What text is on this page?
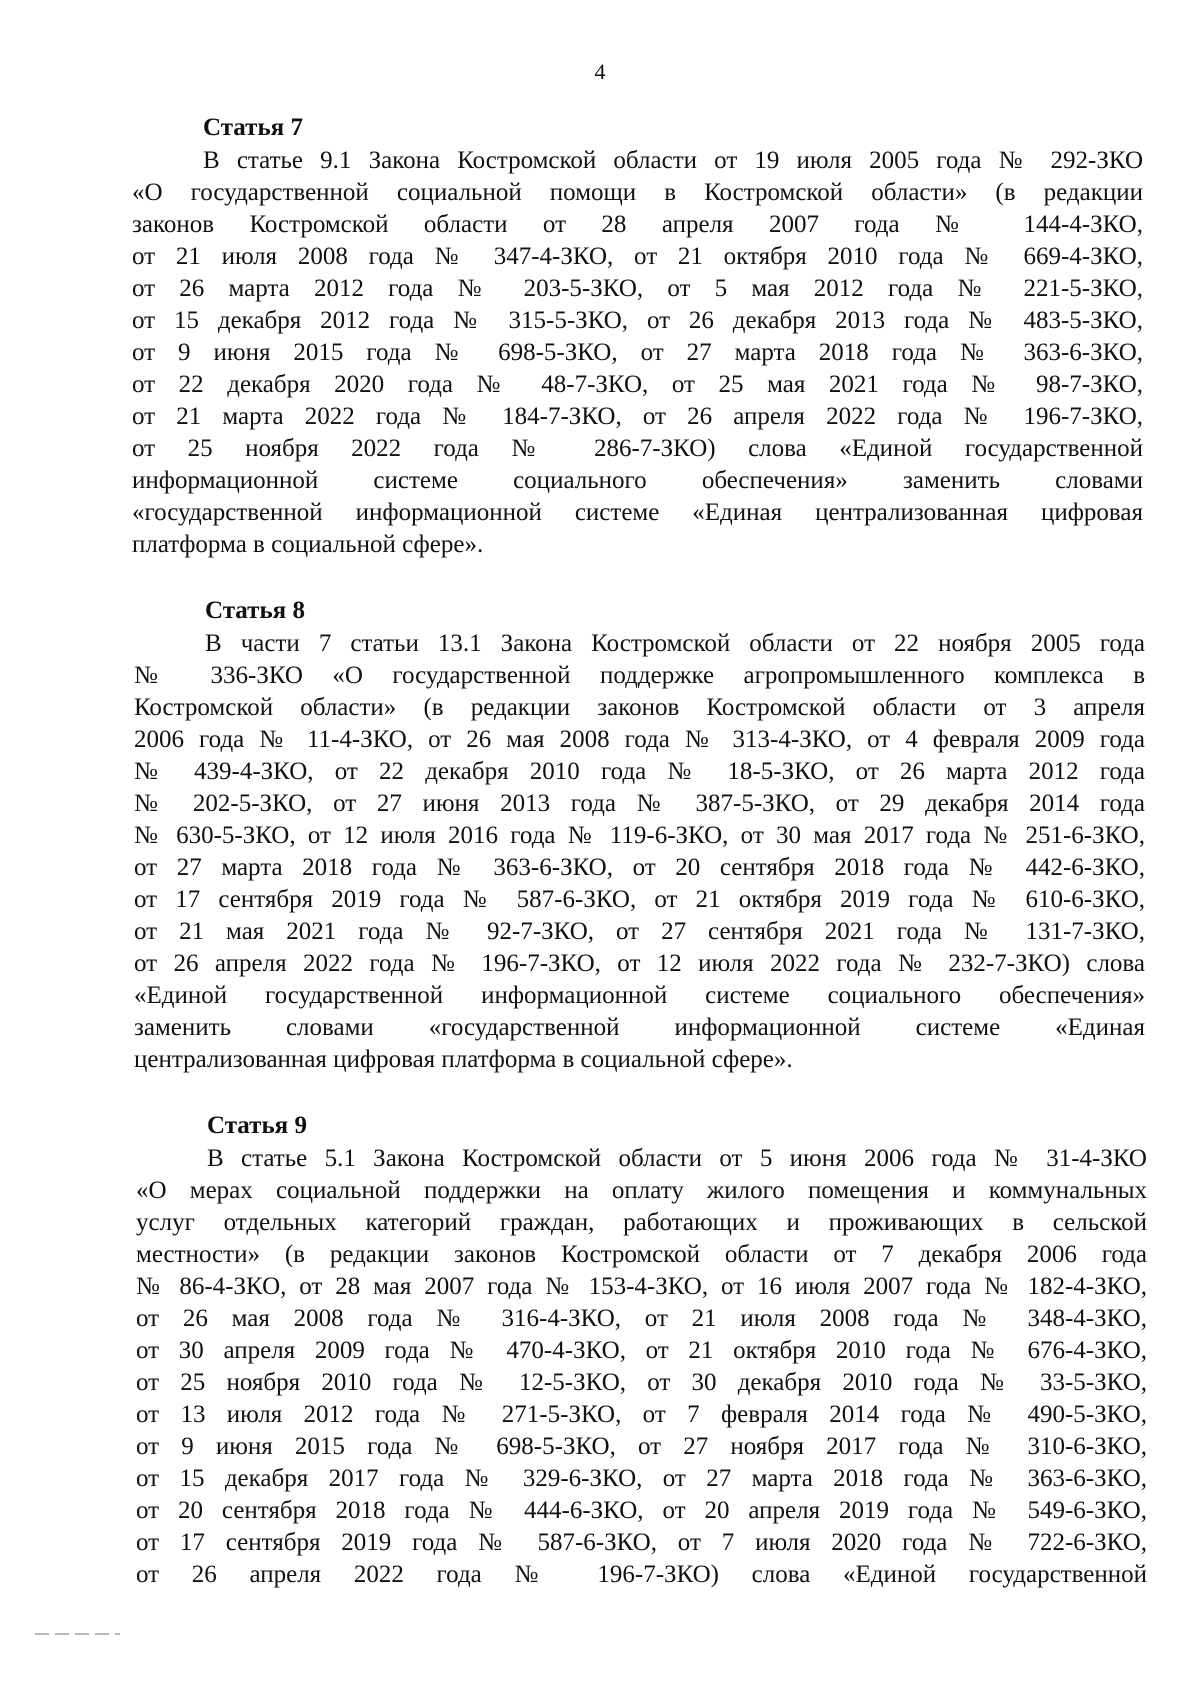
4
Статья 7
В статье 9.1 Закона Костромской области от 19 июля 2005 года № 292-ЗКО
«О государственной социальной помощи в Костромской области» (в редакции
законов Костромской области от 28 апреля 2007 года № 144-4-ЗКО,
от 21 июля 2008 года № 347-4-ЗКО, от 21 октября 2010 года № 669-4-ЗКО,
от 26 марта 2012 года № 203-5-ЗКО, от 5 мая 2012 года № 221-5-ЗКО,
от 15 декабря 2012 года № 315-5-ЗКО, от 26 декабря 2013 года № 483-5-ЗКО,
от 9 июня 2015 года № 698-5-ЗКО, от 27 марта 2018 года № 363-6-ЗКО,
от 22 декабря 2020 года № 48-7-ЗКО, от 25 мая 2021 года № 98-7-ЗКО,
от 21 марта 2022 года № 184-7-ЗКО, от 26 апреля 2022 года № 196-7-ЗКО,
от 25 ноября 2022 года № 286-7-ЗКО) слова «Единой государственной
информационной системе социального обеспечения» заменить словами
«государственной информационной системе «Единая централизованная цифровая
платформа в социальной сфере».
Статья 8
В части 7 статьи 13.1 Закона Костромской области от 22 ноября 2005 года
№ 336-ЗКО «О государственной поддержке агропромышленного комплекса в
Костромской области» (в редакции законов Костромской области от 3 апреля
2006 года № 11-4-ЗКО, от 26 мая 2008 года № 313-4-ЗКО, от 4 февраля 2009 года
№ 439-4-ЗКО, от 22 декабря 2010 года № 18-5-ЗКО, от 26 марта 2012 года
№ 202-5-ЗКО, от 27 июня 2013 года № 387-5-ЗКО, от 29 декабря 2014 года
№ 630-5-ЗКО, от 12 июля 2016 года № 119-6-ЗКО, от 30 мая 2017 года № 251-6-ЗКО,
от 27 марта 2018 года № 363-6-ЗКО, от 20 сентября 2018 года № 442-6-ЗКО,
от 17 сентября 2019 года № 587-6-ЗКО, от 21 октября 2019 года № 610-6-ЗКО,
от 21 мая 2021 года № 92-7-ЗКО, от 27 сентября 2021 года № 131-7-ЗКО,
от 26 апреля 2022 года № 196-7-ЗКО, от 12 июля 2022 года № 232-7-ЗКО) слова
«Единой государственной информационной системе социального обеспечения»
заменить словами «государственной информационной системе «Единая
централизованная цифровая платформа в социальной сфере».
Статья 9
В статье 5.1 Закона Костромской области от 5 июня 2006 года № 31-4-ЗКО
«О мерах социальной поддержки на оплату жилого помещения и коммунальных
услуг отдельных категорий граждан, работающих и проживающих в сельской
местности» (в редакции законов Костромской области от 7 декабря 2006 года
№ 86-4-ЗКО, от 28 мая 2007 года № 153-4-ЗКО, от 16 июля 2007 года № 182-4-ЗКО,
от 26 мая 2008 года № 316-4-ЗКО, от 21 июля 2008 года № 348-4-ЗКО,
от 30 апреля 2009 года № 470-4-ЗКО, от 21 октября 2010 года № 676-4-ЗКО,
от 25 ноября 2010 года № 12-5-ЗКО, от 30 декабря 2010 года № 33-5-ЗКО,
от 13 июля 2012 года № 271-5-ЗКО, от 7 февраля 2014 года № 490-5-ЗКО,
от 9 июня 2015 года № 698-5-ЗКО, от 27 ноября 2017 года № 310-6-ЗКО,
от 15 декабря 2017 года № 329-6-ЗКО, от 27 марта 2018 года № 363-6-ЗКО,
от 20 сентября 2018 года № 444-6-ЗКО, от 20 апреля 2019 года № 549-6-ЗКО,
от 17 сентября 2019 года № 587-6-ЗКО, от 7 июля 2020 года № 722-6-ЗКО,
от 26 апреля 2022 года № 196-7-ЗКО) слова «Единой государственной
